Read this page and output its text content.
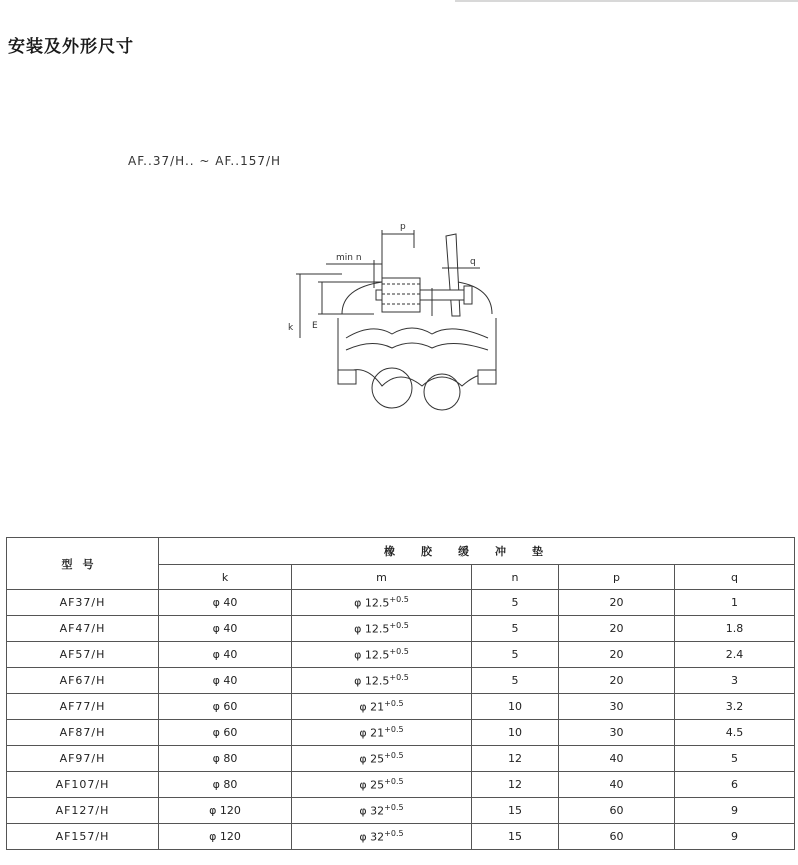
安装及外形尺寸
AF..37/H.. ~ AF..157/H
p
min n	q
k E
型号	橡胶缓冲垫				
	k	m	n	p	q
AF37/H	φ 40	φ $12.5^{+0.5}$	5	20	1
AF47/H	φ 40	φ $12.5^{+0.5}$	5	20	1.8
AF57/H	φ 40	φ $12.5^{+0.5}$	5	20	2.4
AF67/H	φ 40	φ $12.5^{+0.5}$	5	20	3
AF77/H	φ 60	φ $21^{+0.5}$	10	30	3.2
AF87/H	φ 60	φ $21^{+0.5}$	10	30	4.5
AF97/H	φ 80	φ $25^{+0.5}$	12	40	5
AF107/H	φ 80	φ $25^{+0.5}$	12	40	6
AF127/H	φ 120	φ $32^{+0.5}$	15	60	9
AF157/H	φ 120	φ $32^{+0.5}$	15	60	9
